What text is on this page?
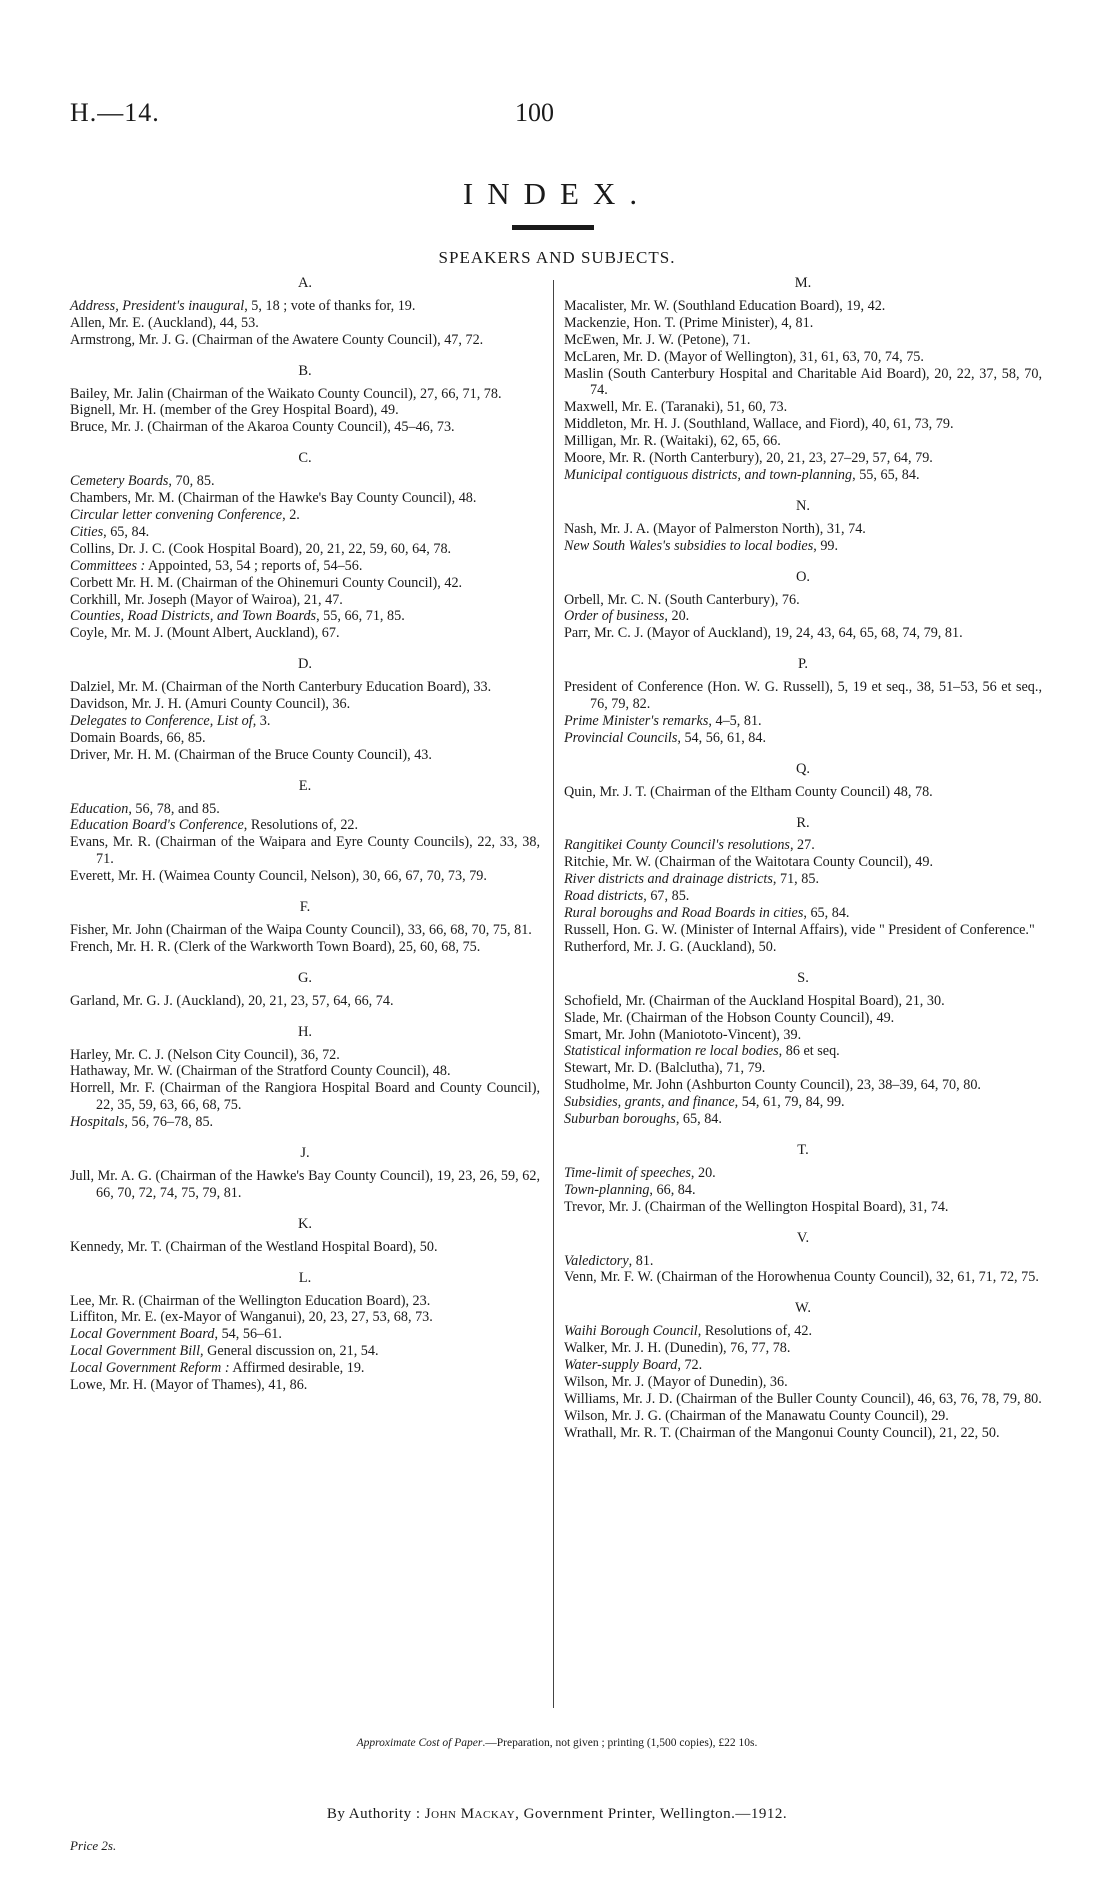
H.—14.	100
INDEX.
SPEAKERS AND SUBJECTS.
A.

Address, President's inaugural, 5, 18 ; vote of thanks for, 19.

Allen, Mr. E. (Auckland), 44, 53.

Armstrong, Mr. J. G. (Chairman of the Awatere County Council), 47, 72.

B.

Bailey, Mr. Jalin (Chairman of the Waikato County Council), 27, 66, 71, 78.

Bignell, Mr. H. (member of the Grey Hospital Board), 49.

Bruce, Mr. J. (Chairman of the Akaroa County Council), 45–46, 73.

C.

Cemetery Boards, 70, 85.

Chambers, Mr. M. (Chairman of the Hawke's Bay County Council), 48.

Circular letter convening Conference, 2.

Cities, 65, 84.

Collins, Dr. J. C. (Cook Hospital Board), 20, 21, 22, 59, 60, 64, 78.

Committees : Appointed, 53, 54 ; reports of, 54–56.

Corbett Mr. H. M. (Chairman of the Ohinemuri County Council), 42.

Corkhill, Mr. Joseph (Mayor of Wairoa), 21, 47.

Counties, Road Districts, and Town Boards, 55, 66, 71, 85.

Coyle, Mr. M. J. (Mount Albert, Auckland), 67.

D.

Dalziel, Mr. M. (Chairman of the North Canterbury Education Board), 33.

Davidson, Mr. J. H. (Amuri County Council), 36.

Delegates to Conference, List of, 3.

Domain Boards, 66, 85.

Driver, Mr. H. M. (Chairman of the Bruce County Council), 43.

E.

Education, 56, 78, and 85.

Education Board's Conference, Resolutions of, 22.

Evans, Mr. R. (Chairman of the Waipara and Eyre County Councils), 22, 33, 38, 71.

Everett, Mr. H. (Waimea County Council, Nelson), 30, 66, 67, 70, 73, 79.

F.

Fisher, Mr. John (Chairman of the Waipa County Council), 33, 66, 68, 70, 75, 81.

French, Mr. H. R. (Clerk of the Warkworth Town Board), 25, 60, 68, 75.

G.

Garland, Mr. G. J. (Auckland), 20, 21, 23, 57, 64, 66, 74.

H.

Harley, Mr. C. J. (Nelson City Council), 36, 72.

Hathaway, Mr. W. (Chairman of the Stratford County Council), 48.

Horrell, Mr. F. (Chairman of the Rangiora Hospital Board and County Council), 22, 35, 59, 63, 66, 68, 75.

Hospitals, 56, 76–78, 85.

J.

Jull, Mr. A. G. (Chairman of the Hawke's Bay County Council), 19, 23, 26, 59, 62, 66, 70, 72, 74, 75, 79, 81.

K.

Kennedy, Mr. T. (Chairman of the Westland Hospital Board), 50.

L.

Lee, Mr. R. (Chairman of the Wellington Education Board), 23.

Liffiton, Mr. E. (ex-Mayor of Wanganui), 20, 23, 27, 53, 68, 73.

Local Government Board, 54, 56–61.

Local Government Bill, General discussion on, 21, 54.

Local Government Reform : Affirmed desirable, 19.

Lowe, Mr. H. (Mayor of Thames), 41, 86.

M.

Macalister, Mr. W. (Southland Education Board), 19, 42.

Mackenzie, Hon. T. (Prime Minister), 4, 81.

McEwen, Mr. J. W. (Petone), 71.

McLaren, Mr. D. (Mayor of Wellington), 31, 61, 63, 70, 74, 75.

Maslin (South Canterbury Hospital and Charitable Aid Board), 20, 22, 37, 58, 70, 74.

Maxwell, Mr. E. (Taranaki), 51, 60, 73.

Middleton, Mr. H. J. (Southland, Wallace, and Fiord), 40, 61, 73, 79.

Milligan, Mr. R. (Waitaki), 62, 65, 66.

Moore, Mr. R. (North Canterbury), 20, 21, 23, 27–29, 57, 64, 79.

Municipal contiguous districts, and town-planning, 55, 65, 84.

N.

Nash, Mr. J. A. (Mayor of Palmerston North), 31, 74.

New South Wales's subsidies to local bodies, 99.

O.

Orbell, Mr. C. N. (South Canterbury), 76.

Order of business, 20.

Parr, Mr. C. J. (Mayor of Auckland), 19, 24, 43, 64, 65, 68, 74, 79, 81.

P.

President of Conference (Hon. W. G. Russell), 5, 19 et seq., 38, 51–53, 56 et seq., 76, 79, 82.

Prime Minister's remarks, 4–5, 81.

Provincial Councils, 54, 56, 61, 84.

Q.

Quin, Mr. J. T. (Chairman of the Eltham County Council) 48, 78.

R.

Rangitikei County Council's resolutions, 27.

Ritchie, Mr. W. (Chairman of the Waitotara County Council), 49.

River districts and drainage districts, 71, 85.

Road districts, 67, 85.

Rural boroughs and Road Boards in cities, 65, 84.

Russell, Hon. G. W. (Minister of Internal Affairs), vide " President of Conference."

Rutherford, Mr. J. G. (Auckland), 50.

S.

Schofield, Mr. (Chairman of the Auckland Hospital Board), 21, 30.

Slade, Mr. (Chairman of the Hobson County Council), 49.

Smart, Mr. John (Maniototo-Vincent), 39.

Statistical information re local bodies, 86 et seq.

Stewart, Mr. D. (Balclutha), 71, 79.

Studholme, Mr. John (Ashburton County Council), 23, 38–39, 64, 70, 80.

Subsidies, grants, and finance, 54, 61, 79, 84, 99.

Suburban boroughs, 65, 84.

T.

Time-limit of speeches, 20.

Town-planning, 66, 84.

Trevor, Mr. J. (Chairman of the Wellington Hospital Board), 31, 74.

V.

Valedictory, 81.

Venn, Mr. F. W. (Chairman of the Horowhenua County Council), 32, 61, 71, 72, 75.

W.

Waihi Borough Council, Resolutions of, 42.

Walker, Mr. J. H. (Dunedin), 76, 77, 78.

Water-supply Board, 72.

Wilson, Mr. J. (Mayor of Dunedin), 36.

Williams, Mr. J. D. (Chairman of the Buller County Council), 46, 63, 76, 78, 79, 80.

Wilson, Mr. J. G. (Chairman of the Manawatu County Council), 29.

Wrathall, Mr. R. T. (Chairman of the Mangonui County Council), 21, 22, 50.

Approximate Cost of Paper.—Preparation, not given ; printing (1,500 copies), £22 10s.
By Authority : John Mackay, Government Printer, Wellington.—1912.
Price 2s.
